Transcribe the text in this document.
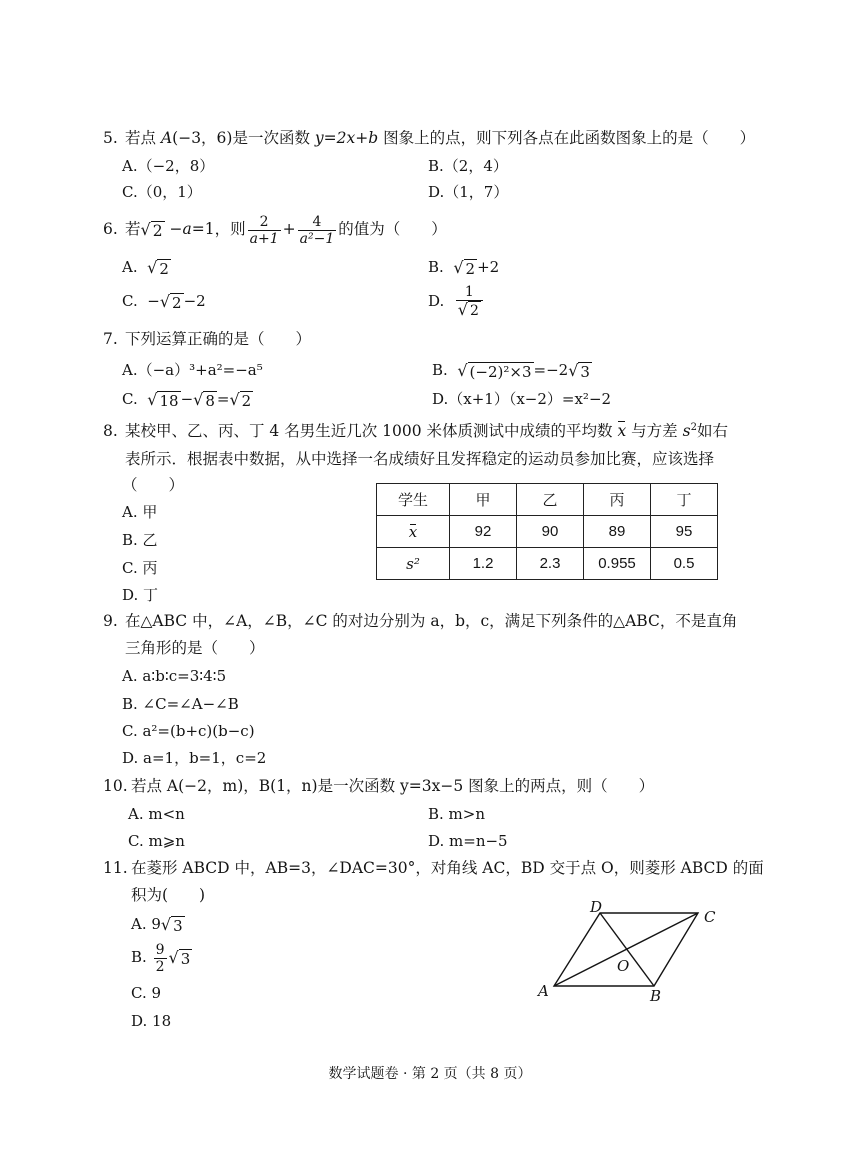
5. 若点 A(−3，6)是一次函数 y=2x+b 图象上的点，则下列各点在此函数图象上的是（　　）
A.（−2，8）	B.（2，4）
C.（0，1）	D.（1，7）
6. 若 √ 2 −a=1，则 $\frac{2}{a+1} + \frac{4}{\text{a²−1}}$ 的值为（　　）
A. √ 2	B. √ 2 +2
C.  − √ 2 −2	D. $\frac{1}{√ 2}$
7. 下列运算正确的是（　　）
A.（−a）³+a²=−a⁵	B. √ (−2)²×3 =−2 √ 3
C. √ 18 − √ 8 = √ 2	D.（x+1）（x−2）=x²−2
8. 某校甲、乙、丙、丁 4 名男生近几次 1000 米体质测试中成绩的平均数 x 与方差 $s^2$如右
表所示．根据表中数据，从中选择一名成绩好且发挥稳定的运动员参加比赛，应该选择
（　　）
A. 甲
B. 乙
C. 丙
D. 丁
学生	甲	乙	丙	丁
x	92	90	89	95
s²	1.2	2.3	0.955	0.5
9. 在△ABC 中，∠A，∠B，∠C 的对边分别为 a，b，c，满足下列条件的△ABC，不是直角
三角形的是（　　）
A. a∶b∶c=3∶4∶5
B. ∠C=∠A−∠B
C. a²=(b+c)(b−c)
D. a=1，b=1，c=2
10. 若点 A(−2，m)，B(1，n)是一次函数 y=3x−5 图象上的两点，则（　　）
A. m<n	B. m>n
C. m⩾n	D. m=n−5
11. 在菱形 ABCD 中，AB=3，∠DAC=30°，对角线 AC，BD 交于点 O，则菱形 ABCD 的面
积为(　　)
A. 9 √ 3
B. $\frac{9}{2}$ √ 3
C. 9
D. 18
A	B
C
D
O
数学试题卷 · 第 2 页（共 8 页）
